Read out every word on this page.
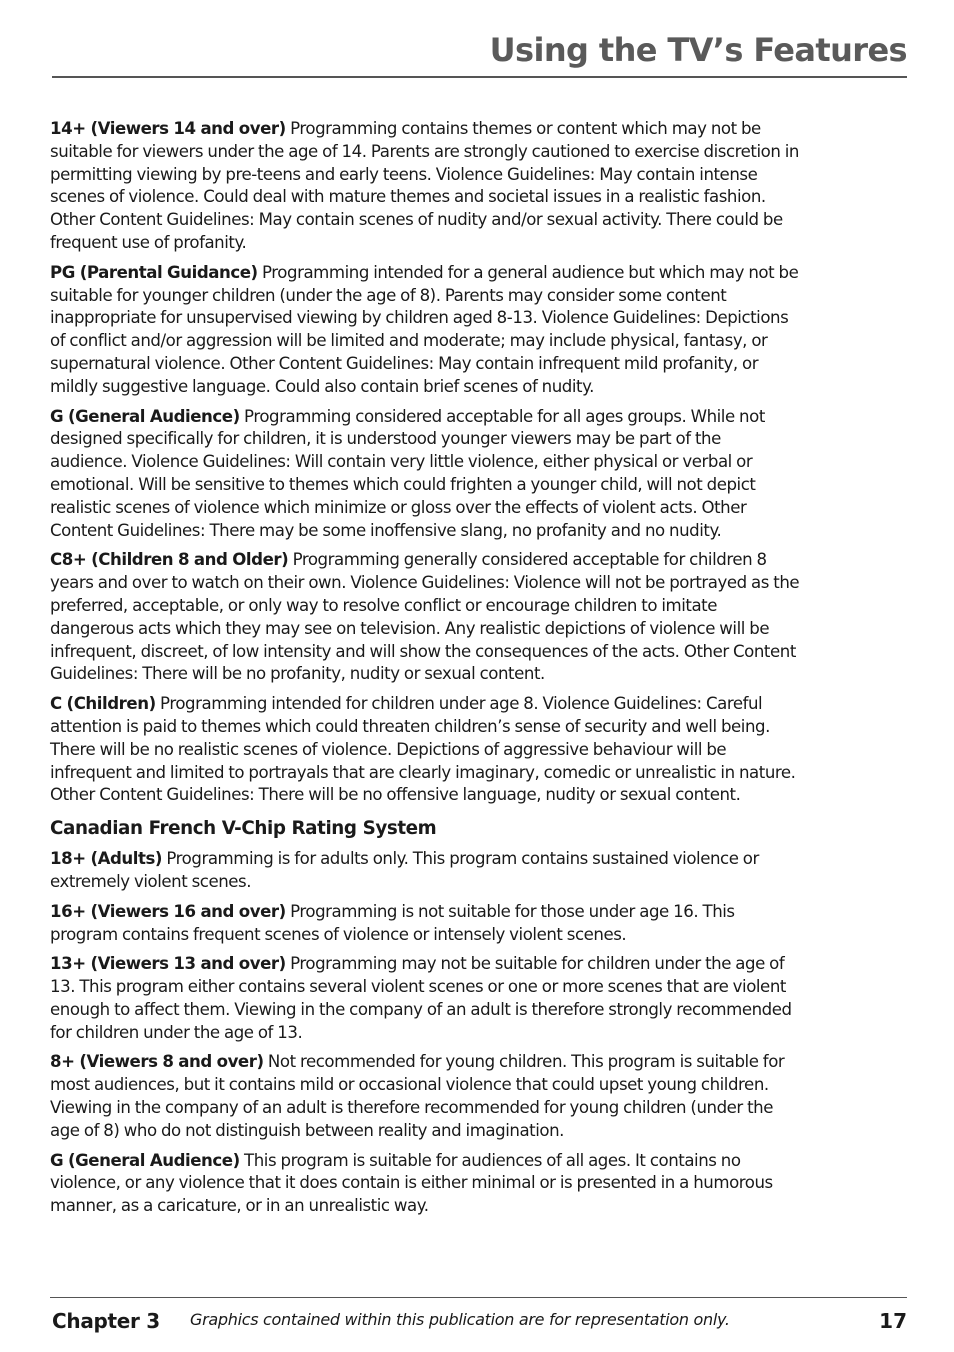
Using the TV’s Features

14+ (Viewers 14 and over) Programming contains themes or content which may not be suitable for viewers under the age of 14. Parents are strongly cautioned to exercise discretion in permitting viewing by pre-teens and early teens. Violence Guidelines: May contain intense scenes of violence. Could deal with mature themes and societal issues in a realistic fashion. Other Content Guidelines: May contain scenes of nudity and/or sexual activity. There could be frequent use of profanity.

PG (Parental Guidance) Programming intended for a general audience but which may not be suitable for younger children (under the age of 8). Parents may consider some content inappropriate for unsupervised viewing by children aged 8-13. Violence Guidelines: Depictions of conflict and/or aggression will be limited and moderate; may include physical, fantasy, or supernatural violence. Other Content Guidelines: May contain infrequent mild profanity, or mildly suggestive language. Could also contain brief scenes of nudity.

G (General Audience) Programming considered acceptable for all ages groups. While not designed specifically for children, it is understood younger viewers may be part of the audience. Violence Guidelines: Will contain very little violence, either physical or verbal or emotional. Will be sensitive to themes which could frighten a younger child, will not depict realistic scenes of violence which minimize or gloss over the effects of violent acts. Other Content Guidelines: There may be some inoffensive slang, no profanity and no nudity.

C8+ (Children 8 and Older) Programming generally considered acceptable for children 8 years and over to watch on their own. Violence Guidelines: Violence will not be portrayed as the preferred, acceptable, or only way to resolve conflict or encourage children to imitate dangerous acts which they may see on television. Any realistic depictions of violence will be infrequent, discreet, of low intensity and will show the consequences of the acts. Other Content Guidelines: There will be no profanity, nudity or sexual content.

C (Children) Programming intended for children under age 8. Violence Guidelines: Careful attention is paid to themes which could threaten children’s sense of security and well being. There will be no realistic scenes of violence. Depictions of aggressive behaviour will be infrequent and limited to portrayals that are clearly imaginary, comedic or unrealistic in nature. Other Content Guidelines: There will be no offensive language, nudity or sexual content.

Canadian French V-Chip Rating System

18+ (Adults) Programming is for adults only. This program contains sustained violence or extremely violent scenes.

16+ (Viewers 16 and over) Programming is not suitable for those under age 16. This program contains frequent scenes of violence or intensely violent scenes.

13+ (Viewers 13 and over) Programming may not be suitable for children under the age of 13. This program either contains several violent scenes or one or more scenes that are violent enough to affect them. Viewing in the company of an adult is therefore strongly recommended for children under the age of 13.

8+ (Viewers 8 and over) Not recommended for young children. This program is suitable for most audiences, but it contains mild or occasional violence that could upset young children. Viewing in the company of an adult is therefore recommended for young children (under the age of 8) who do not distinguish between reality and imagination.

G (General Audience) This program is suitable for audiences of all ages. It contains no violence, or any violence that it does contain is either minimal or is presented in a humorous manner, as a caricature, or in an unrealistic way.

Chapter 3 Graphics contained within this publication are for representation only.	17
